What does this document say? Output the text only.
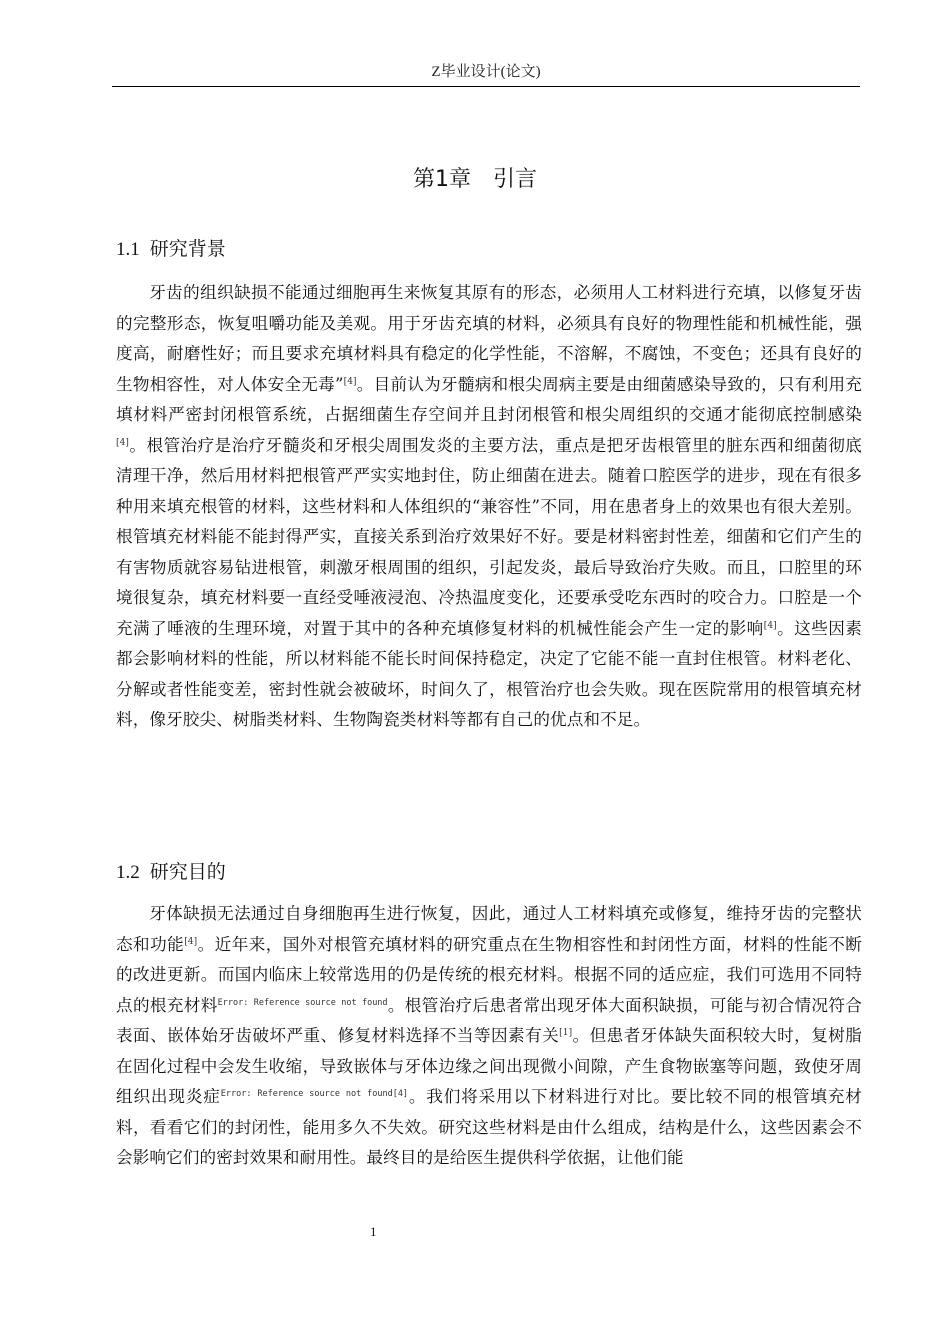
Z毕业设计(论文)
第1章 引言
1.1 研究背景
牙齿的组织缺损不能通过细胞再生来恢复其原有的形态，必须用人工材料进行充填，以修复牙齿的完整形态，恢复咀嚼功能及美观。用于牙齿充填的材料，必须具有良好的物理性能和机械性能，强度高，耐磨性好；而且要求充填材料具有稳定的化学性能，不溶解，不腐蚀，不变色；还具有良好的生物相容性，对人体安全无毒”[4]。目前认为牙髓病和根尖周病主要是由细菌感染导致的，只有利用充填材料严密封闭根管系统，占据细菌生存空间并且封闭根管和根尖周组织的交通才能彻底控制感染[4]。根管治疗是治疗牙髓炎和牙根尖周围发炎的主要方法，重点是把牙齿根管里的脏东西和细菌彻底清理干净，然后用材料把根管严严实实地封住，防止细菌在进去。随着口腔医学的进步，现在有很多种用来填充根管的材料，这些材料和人体组织的“兼容性”不同，用在患者身上的效果也有很大差别。根管填充材料能不能封得严实，直接关系到治疗效果好不好。要是材料密封性差，细菌和它们产生的有害物质就容易钻进根管，刺激牙根周围的组织，引起发炎，最后导致治疗失败。而且，口腔里的环境很复杂，填充材料要一直经受唾液浸泡、冷热温度变化，还要承受吃东西时的咬合力。口腔是一个充满了唾液的生理环境，对置于其中的各种充填修复材料的机械性能会产生一定的影响[4]。这些因素都会影响材料的性能，所以材料能不能长时间保持稳定，决定了它能不能一直封住根管。材料老化、分解或者性能变差，密封性就会被破坏，时间久了，根管治疗也会失败。现在医院常用的根管填充材料，像牙胶尖、树脂类材料、生物陶瓷类材料等都有自己的优点和不足。
1.2 研究目的
牙体缺损无法通过自身细胞再生进行恢复，因此，通过人工材料填充或修复，维持牙齿的完整状态和功能[4]。近年来，国外对根管充填材料的研究重点在生物相容性和封闭性方面，材料的性能不断的改进更新。而国内临床上较常选用的仍是传统的根充材料。根据不同的适应症，我们可选用不同特点的根充材料$^{Error: Reference source not found}$。根管治疗后患者常出现牙体大面积缺损，可能与初合情况符合表面、嵌体始牙齿破坏严重、修复材料选择不当等因素有关[1]。但患者牙体缺失面积较大时，复树脂在固化过程中会发生收缩，导致嵌体与牙体边缘之间出现微小间隙，产生食物嵌塞等问题，致使牙周组织出现炎症$^{Error: Reference source not found[4]}$。我们将采用以下材料进行对比。要比较不同的根管填充材料，看看它们的封闭性，能用多久不失效。研究这些材料是由什么组成，结构是什么，这些因素会不会影响它们的密封效果和耐用性。最终目的是给医生提供科学依据，让他们能
1
